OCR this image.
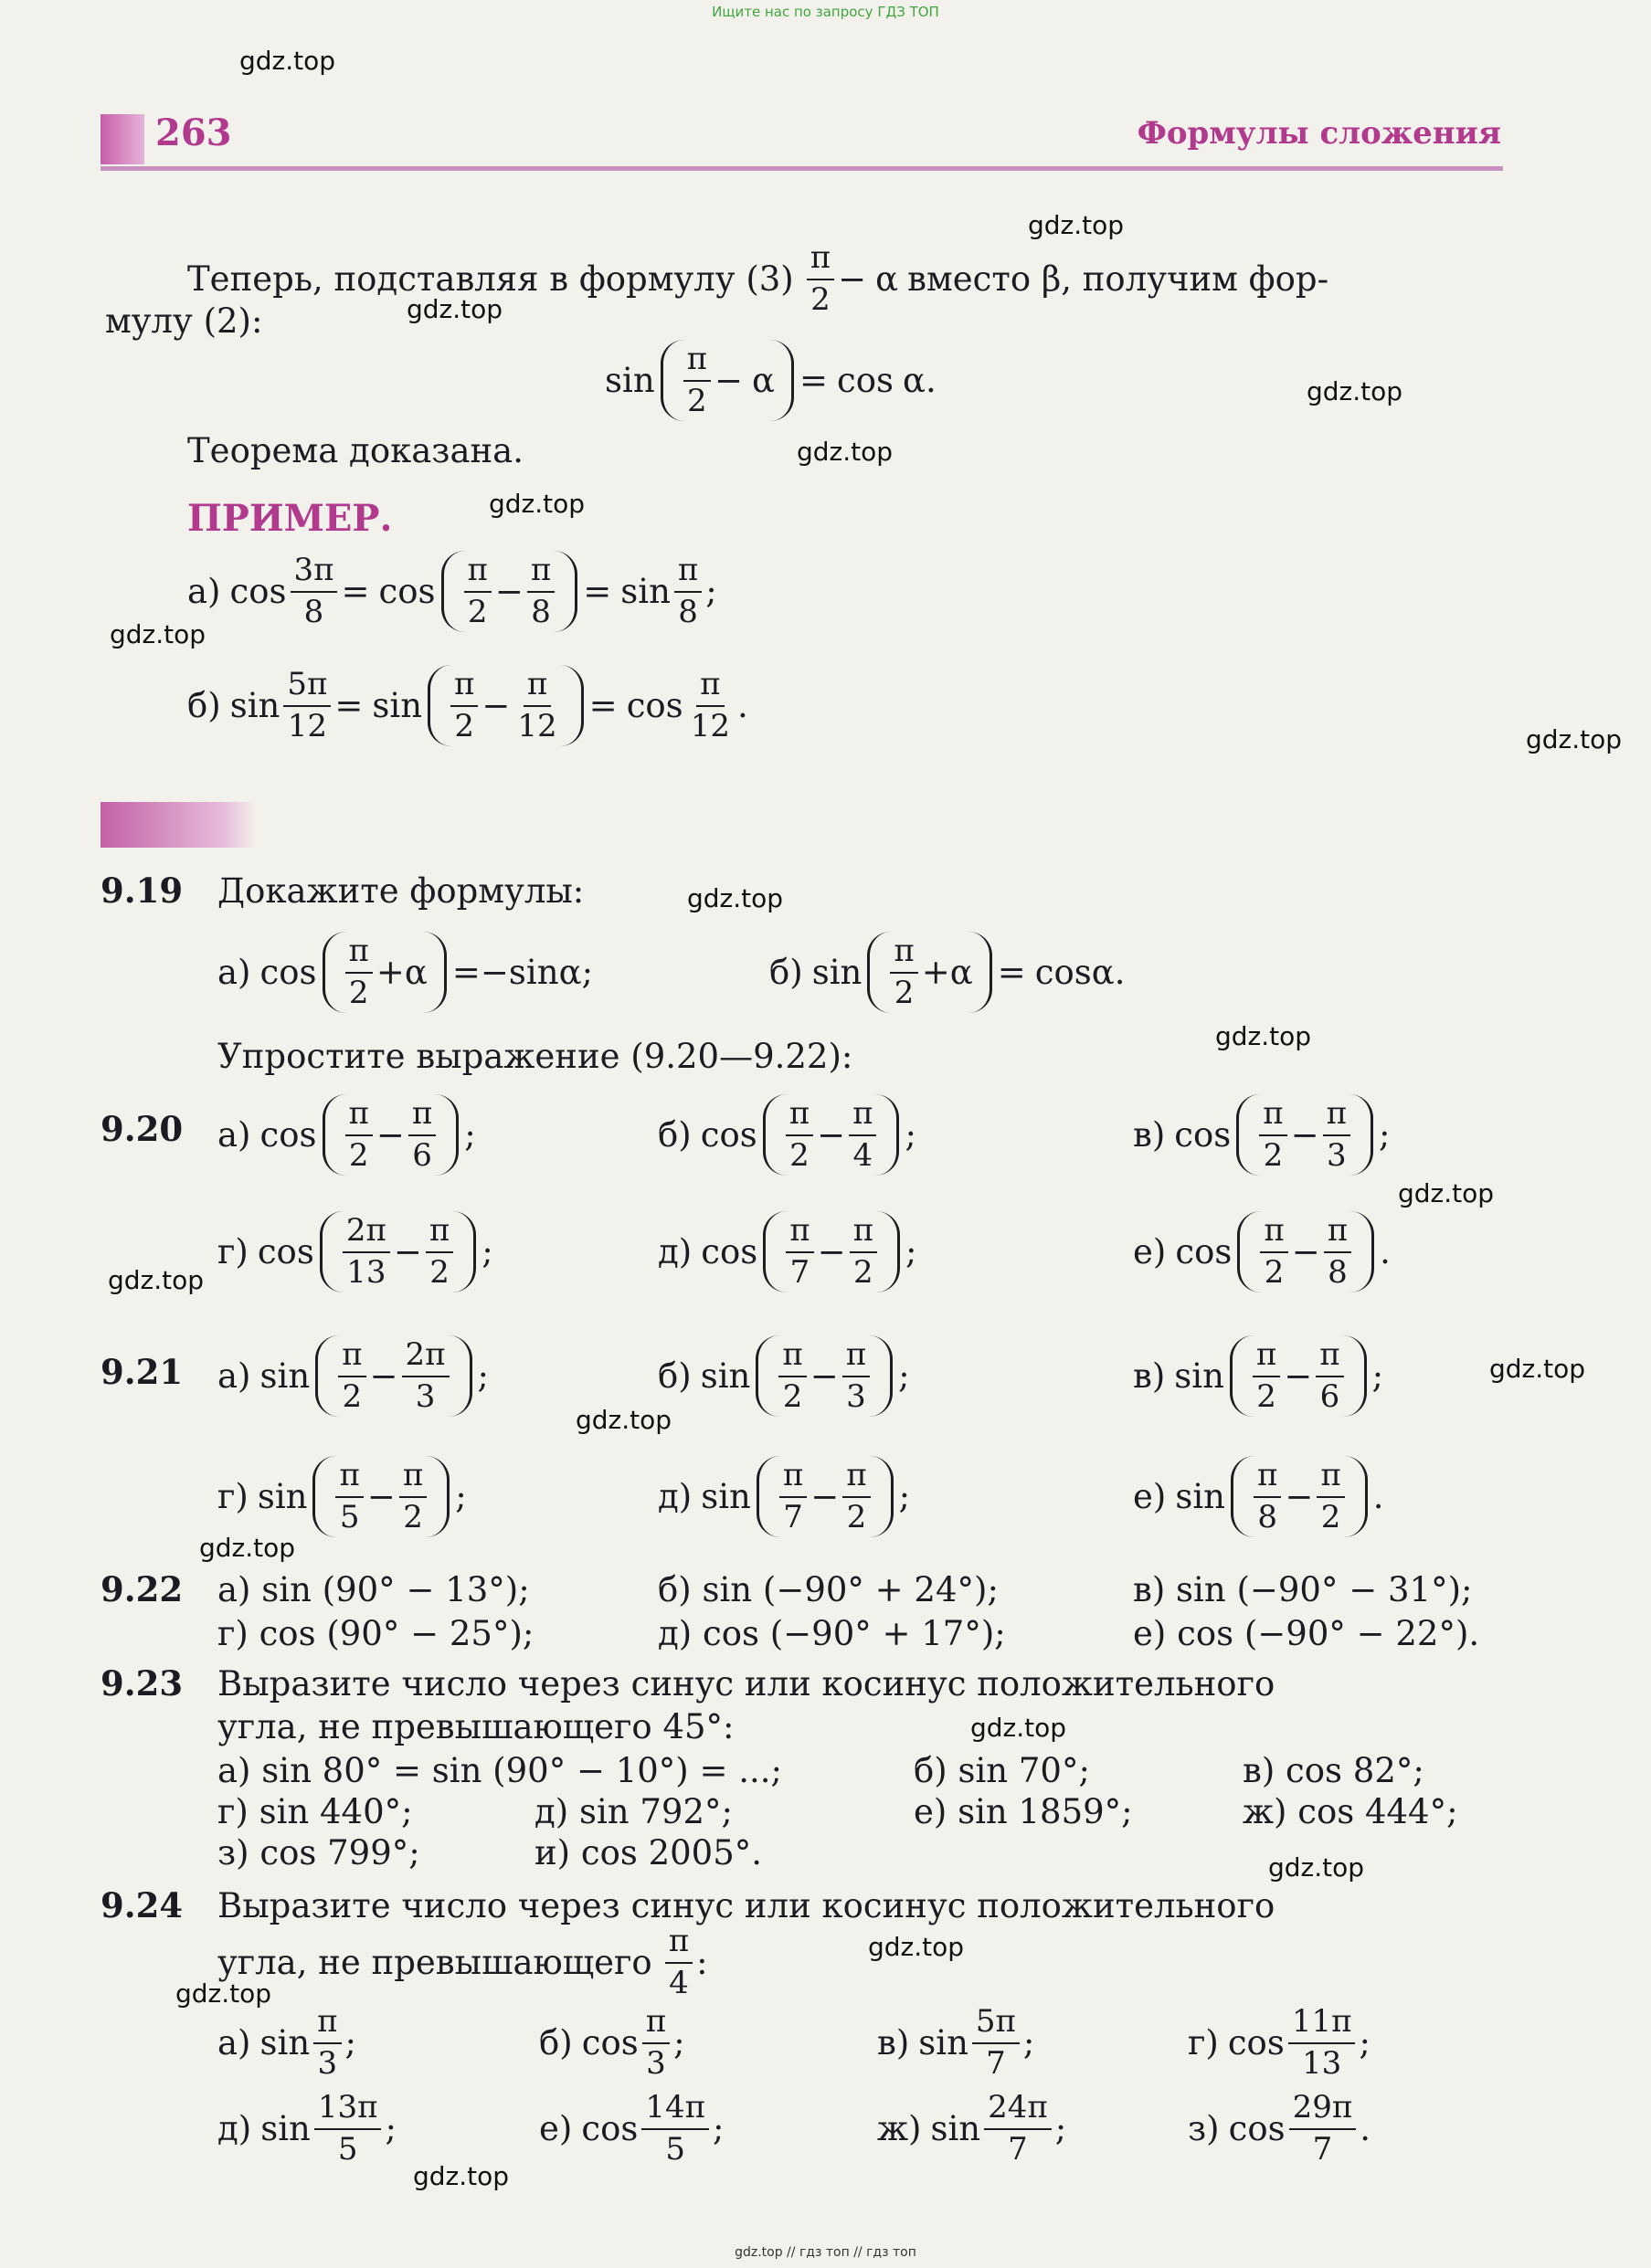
Ищите нас по запросу ГДЗ ТОП
263	Формулы сложения
Теперь, подставляя в формулу (3)
π
2
− α вместо β, получим фор-
мулу (2):
sin
π
2
− α = cos α .
Теорема доказана.
ПРИМЕР.
а) $\cos \frac{3\pi}{8} = \cos$
π
2
− $\frac{\pi}{8} = \sin$
π
8
;
б) $\sin \frac{5\pi}{12} = \sin$
π
2
− $\frac{\pi}{12} = \cos$
π
12
.
9.19 Докажите формулы:
а) cos
π
2
+ α = − sin α ;	б) sin
π
2
+ α = cos α .
Упростите выражение (9.20—9.22):
9.20 а) cos
π
2
− $\frac{\pi}{6}$ ;	б) cos
π
2
− $\frac{\pi}{4}$ ;	в) cos
π
2
− $\frac{\pi}{3}$ ;
г) cos
2π
13
− $\frac{\pi}{2}$ ;	д) cos
π
7
− $\frac{\pi}{2}$ ;	е) cos
π
2
− $\frac{\pi}{8}$ .
9.21 а) sin
π
2
− $\frac{2\pi}{3}$ ;	б) sin
π
2
− $\frac{\pi}{3}$ ;	в) sin
π
2
− $\frac{\pi}{6}$ ;
г) sin
π
5
− $\frac{\pi}{2}$ ;	д) sin
π
7
− $\frac{\pi}{2}$ ;	е) sin
π
8
− $\frac{\pi}{2}$ .
9.22 а) sin (90° − 13°);	б) sin (−90° + 24°);	в) sin (−90° − 31°);
г) cos (90° − 25°);	д) cos (−90° + 17°);	е) cos (−90° − 22°).
9.23 Выразите число через синус или косинус положительного
угла, не превышающего 45°:
а) sin 80° = sin (90° − 10°) = ...;	б) sin 70°;	в) cos 82°;
г) sin 440°;	д) sin 792°;	е) sin 1859°;	ж) cos 444°;
з) cos 799°;	и) cos 2005°.
9.24 Выразите число через синус или косинус положительного
угла, не превышающего
π
4
:
а) sin
π
3
;	б) cos
π
3
;	в) sin
5π
7
;	г) cos
11π
13
;
д) sin
13π
5
;	е) cos
14π
5
;	ж) sin
24π
7
;	з) cos
29π
7
.
gdz.top
gdz.top
gdz.top
gdz.top
gdz.top
gdz.top
gdz.top
gdz.top
gdz.top
gdz.top
gdz.top
gdz.top
gdz.top
gdz.top
gdz.top
gdz.top
gdz.top
gdz.top
gdz.top
gdz.top
gdz.top // гдз топ // гдз топ
